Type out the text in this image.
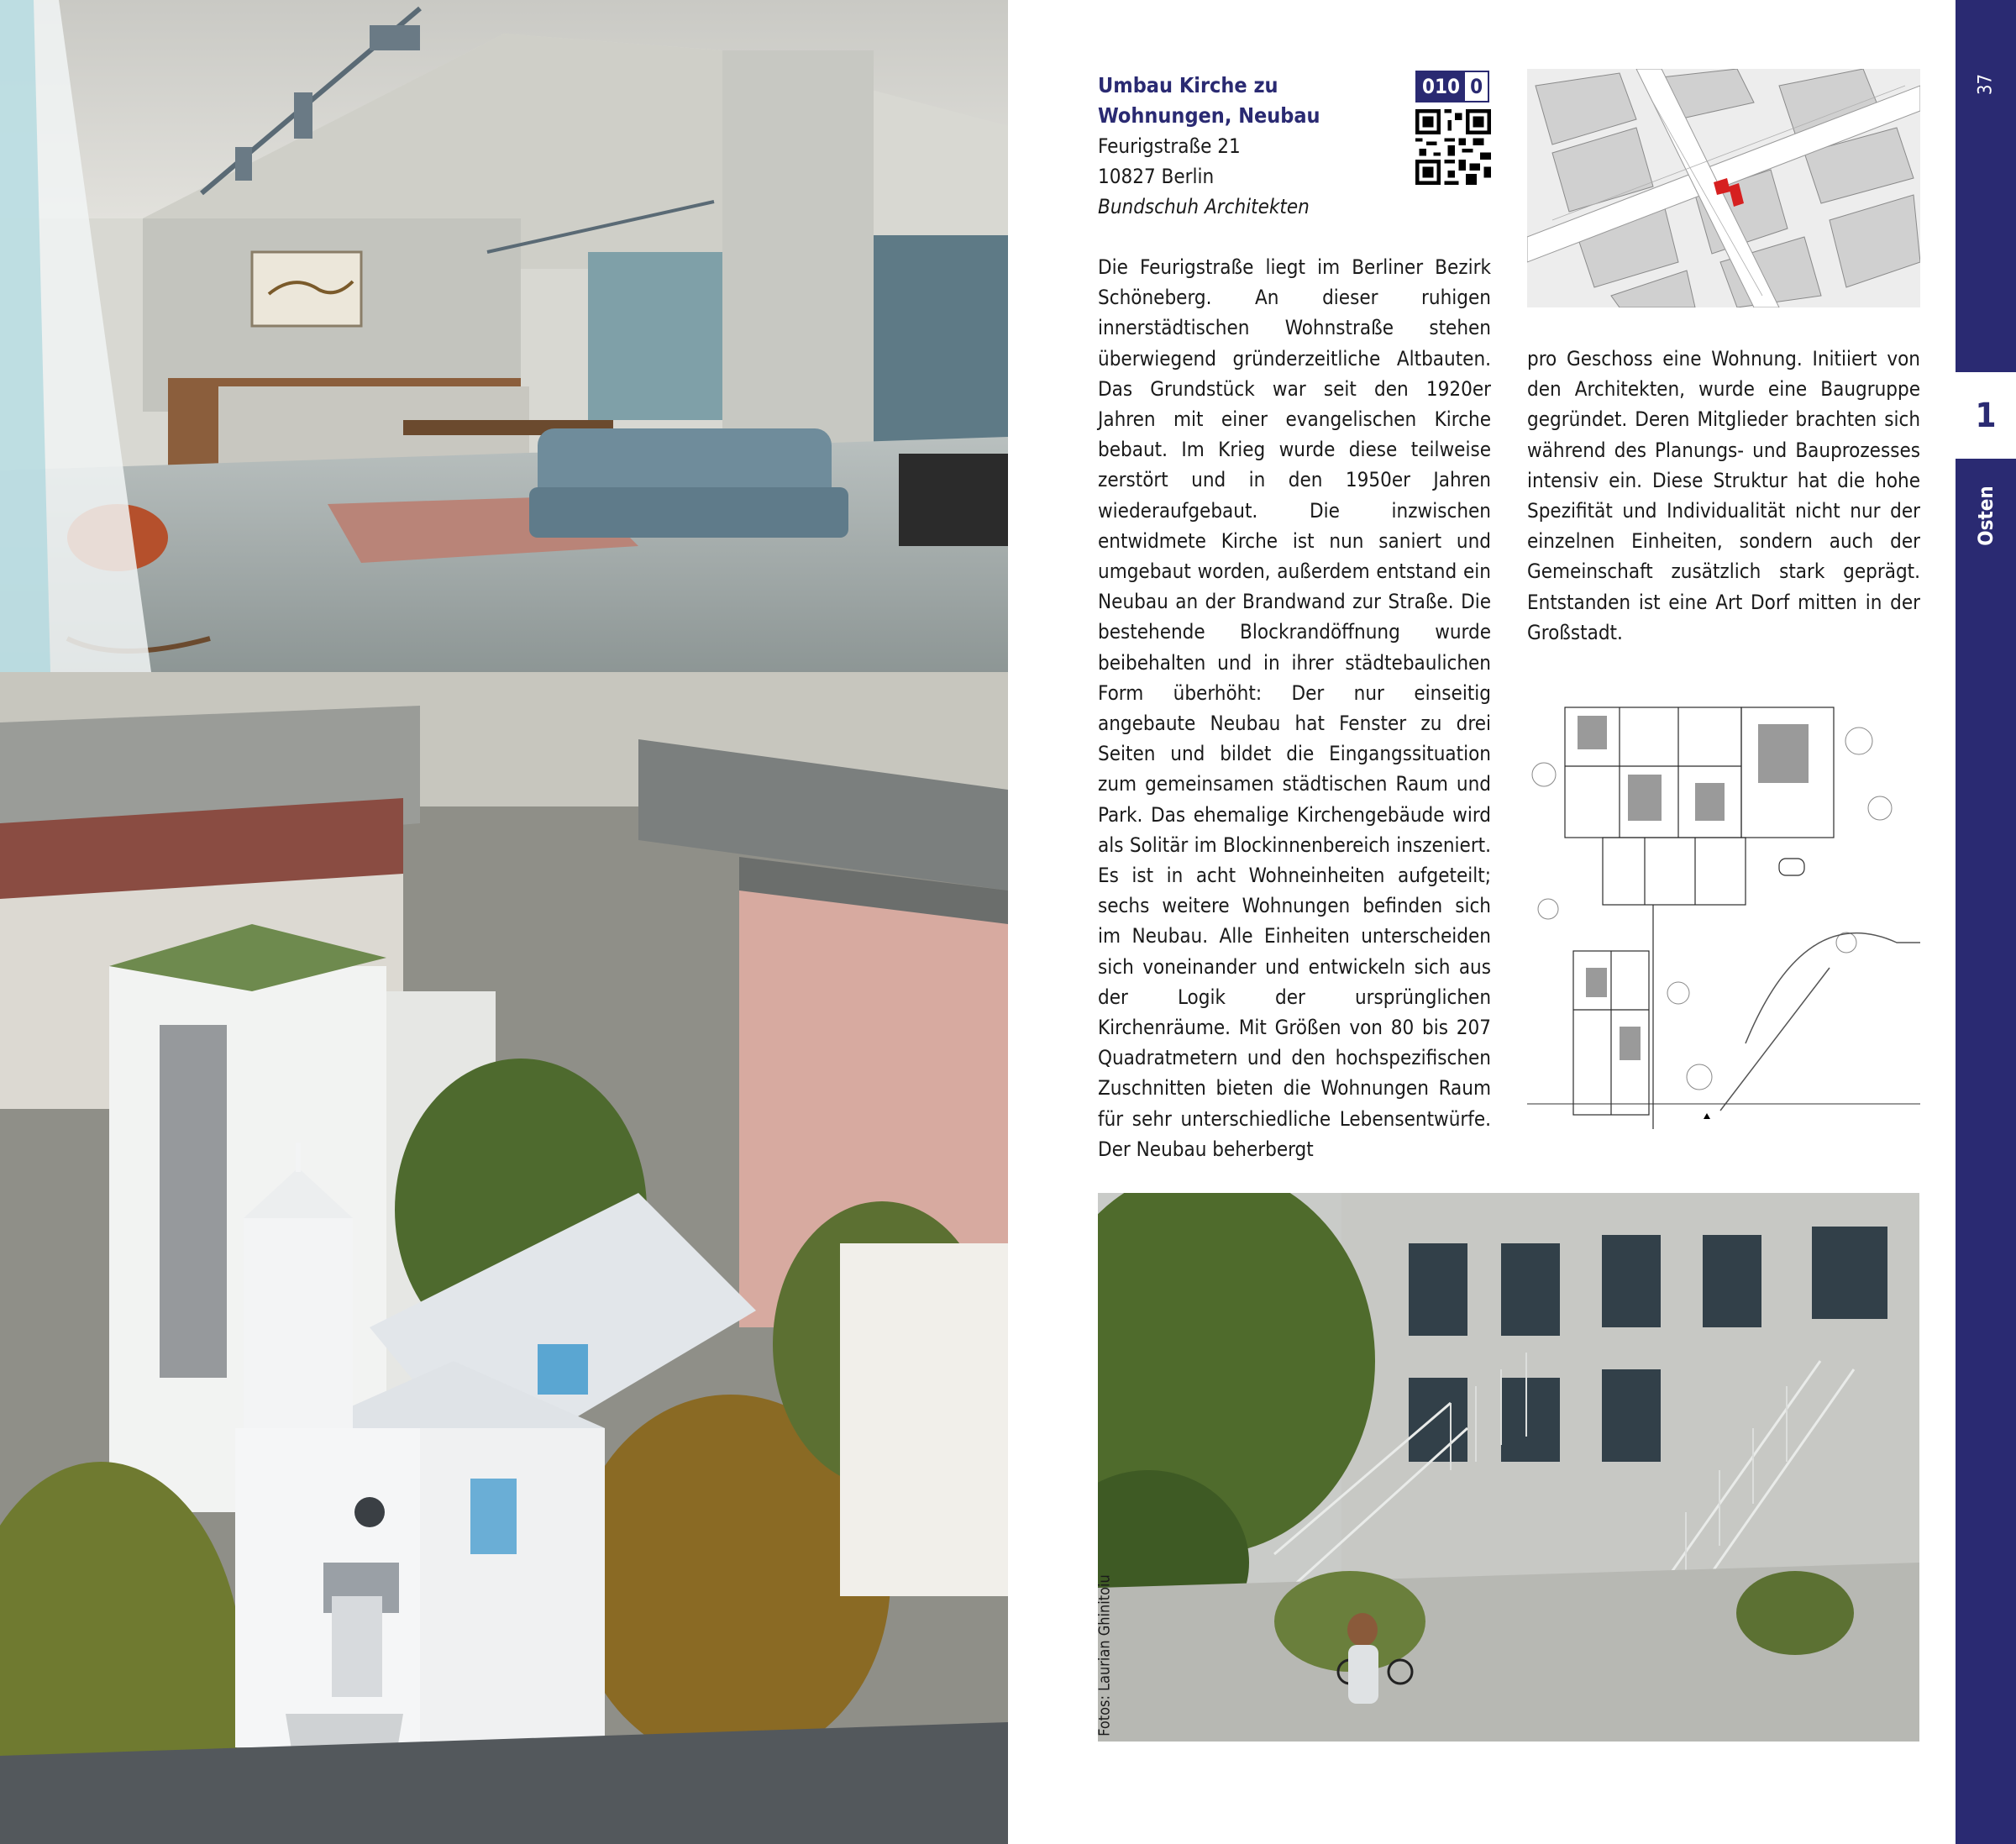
Umbau Kirche zu Wohnungen, Neubau
010 0
Feurigstraße 21
10827 Berlin
Bundschuh Architekten

Die Feurigstraße liegt im Berliner Bezirk Schöneberg. An dieser ruhigen innerstädtischen Wohnstraße stehen überwiegend gründerzeitliche Altbauten. Das Grundstück war seit den 1920er Jahren mit einer evangelischen Kirche bebaut. Im Krieg wurde diese teilweise zerstört und in den 1950er Jahren wiederaufgebaut. Die inzwischen entwidmete Kirche ist nun saniert und umgebaut worden, außerdem entstand ein Neubau an der Brandwand zur Straße. Die bestehende Blockrandöffnung wurde beibehalten und in ihrer städtebaulichen Form überhöht: Der nur einseitig angebaute Neubau hat Fenster zu drei Seiten und bildet die Eingangssituation zum gemeinsamen städtischen Raum und Park. Das ehemalige Kirchengebäude wird als Solitär im Blockinnenbereich inszeniert. Es ist in acht Wohneinheiten aufgeteilt; sechs weitere Wohnungen befinden sich im Neubau. Alle Einheiten unterscheiden sich voneinander und entwickeln sich aus der Logik der ursprünglichen Kirchenräume. Mit Größen von 80 bis 207 Quadratmetern und den hochspezifischen Zuschnitten bieten die Wohnungen Raum für sehr unterschiedliche Lebensentwürfe. Der Neubau beherbergt

pro Geschoss eine Wohnung. Initiiert von den Architekten, wurde eine Baugruppe gegründet. Deren Mitglieder brachten sich während des Planungs- und Bauprozesses intensiv ein. Diese Struktur hat die hohe Spezifität und Individualität nicht nur der einzelnen Einheiten, sondern auch der Gemeinschaft zusätzlich stark geprägt. Entstanden ist eine Art Dorf mitten in der Großstadt.

Fotos: Laurian Ghinitoiu
37
1
Osten
